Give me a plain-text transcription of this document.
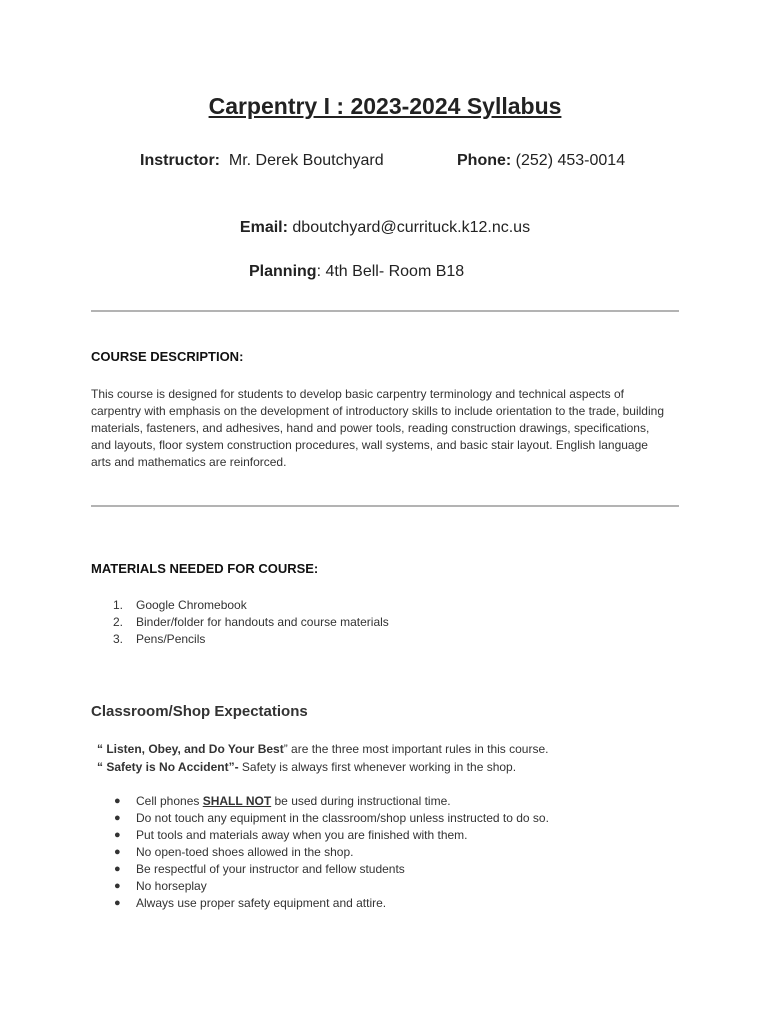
Carpentry I : 2023-2024 Syllabus
Instructor: Mr. Derek Boutchyard	Phone: (252) 453-0014
Email: dboutchyard@currituck.k12.nc.us
Planning: 4th Bell- Room B18
COURSE DESCRIPTION:

This course is designed for students to develop basic carpentry terminology and technical aspects of carpentry with emphasis on the development of introductory skills to include orientation to the trade, building materials, fasteners, and adhesives, hand and power tools, reading construction drawings, specifications, and layouts, floor system construction procedures, wall systems, and basic stair layout. English language arts and mathematics are reinforced.

MATERIALS NEEDED FOR COURSE:
1. Google Chromebook
2. Binder/folder for handouts and course materials
3. Pens/Pencils
Classroom/Shop Expectations
“ Listen, Obey, and Do Your Best” are the three most important rules in this course.
“ Safety is No Accident”- Safety is always first whenever working in the shop.
● Cell phones SHALL NOT be used during instructional time.
● Do not touch any equipment in the classroom/shop unless instructed to do so.
● Put tools and materials away when you are finished with them.
● No open-toed shoes allowed in the shop.
● Be respectful of your instructor and fellow students
● No horseplay
● Always use proper safety equipment and attire.
